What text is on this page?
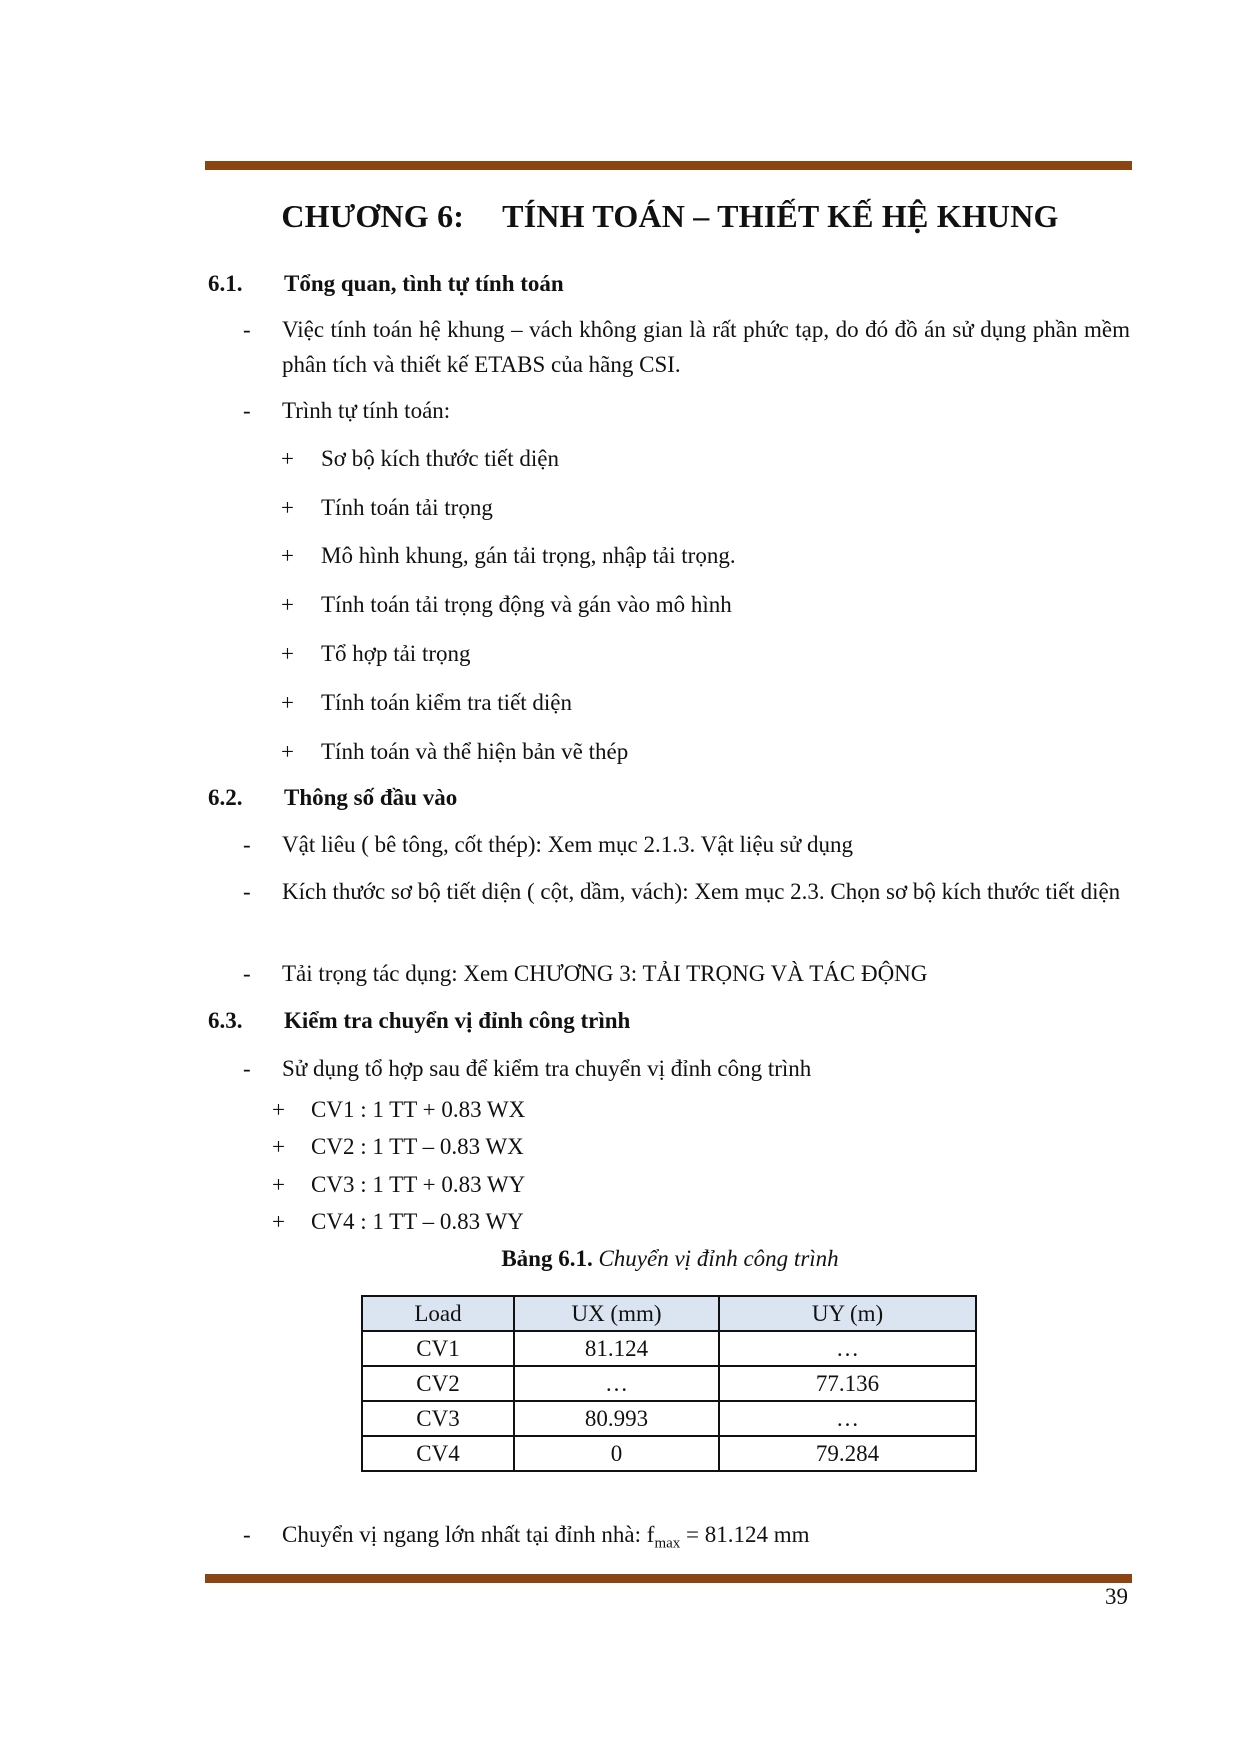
CHƯƠNG 6: TÍNH TOÁN – THIẾT KẾ HỆ KHUNG
6.1. Tổng quan, tình tự tính toán
- Việc tính toán hệ khung – vách không gian là rất phức tạp, do đó đồ án sử dụng phần mềm phân tích và thiết kế ETABS của hãng CSI.
- Trình tự tính toán:
+ Sơ bộ kích thước tiết diện
+ Tính toán tải trọng
+ Mô hình khung, gán tải trọng, nhập tải trọng.
+ Tính toán tải trọng động và gán vào mô hình
+ Tổ hợp tải trọng
+ Tính toán kiểm tra tiết diện
+ Tính toán và thể hiện bản vẽ thép
6.2. Thông số đầu vào
- Vật liêu ( bê tông, cốt thép): Xem mục 2.1.3. Vật liệu sử dụng
- Kích thước sơ bộ tiết diện ( cột, dầm, vách): Xem mục 2.3. Chọn sơ bộ kích thước tiết diện
- Tải trọng tác dụng: Xem CHƯƠNG 3: TẢI TRỌNG VÀ TÁC ĐỘNG
6.3. Kiểm tra chuyển vị đỉnh công trình
- Sử dụng tổ hợp sau để kiểm tra chuyển vị đỉnh công trình
+ CV1 : 1 TT + 0.83 WX
+ CV2 : 1 TT – 0.83 WX
+ CV3 : 1 TT + 0.83 WY
+ CV4 : 1 TT – 0.83 WY
Bảng 6.1. Chuyển vị đỉnh công trình
Load	UX (mm)	UY (m)
CV1	81.124	…
CV2	…	77.136
CV3	80.993	…
CV4	0	79.284
- Chuyển vị ngang lớn nhất tại đỉnh nhà: $f_{max} = 81.124$ mm
39
